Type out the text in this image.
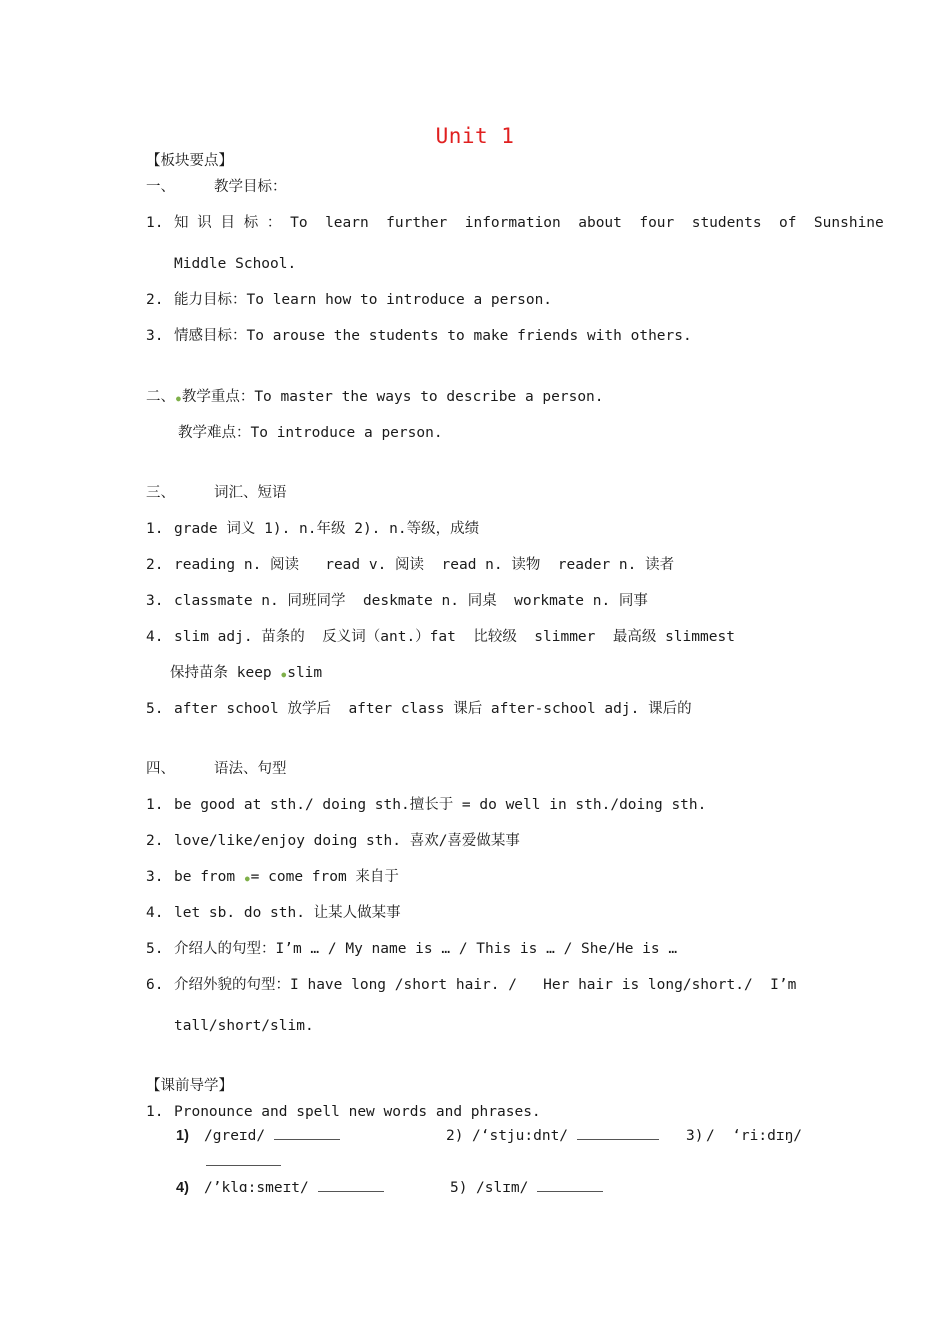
Unit 1
【板块要点】
一、	教学目标：
1. 知 识 目 标 ： To  learn  further  information  about  four  students  of  Sunshine
Middle School.
2. 能力目标：To learn how to introduce a person.
3. 情感目标：To arouse the students to make friends with others.
二、●教学重点：To master the ways to describe a person.
教学难点：To introduce a person.
三、	词汇、短语
1. grade 词义 1). n.年级 2). n.等级，成绩
2. reading n. 阅读   read v. 阅读  read n. 读物  reader n. 读者
3. classmate n. 同班同学  deskmate n. 同桌  workmate n. 同事
4. slim adj. 苗条的  反义词（ant.）fat  比较级  slimmer  最高级 slimmest
保持苗条 keep ●slim
5. after school 放学后  after class 课后 after-school adj. 课后的
四、	语法、句型
1. be good at sth./ doing sth.擅长于 = do well in sth./doing sth.
2. love/like/enjoy doing sth. 喜欢/喜爱做某事
3. be from ●= come from 来自于
4. let sb. do sth. 让某人做某事
5. 介绍人的句型：I’m … / My name is … / This is … / She/He is …
6. 介绍外貌的句型：I have long /short hair. /   Her hair is long/short./  I’m
tall/short/slim.
【课前导学】
1. Pronounce and spell new words and phrases.
1) /greɪd/	2) /‘stju:dnt/	3) /  ‘ri:dɪŋ/
4) /’klɑ:smeɪt/	5) /slɪm/
